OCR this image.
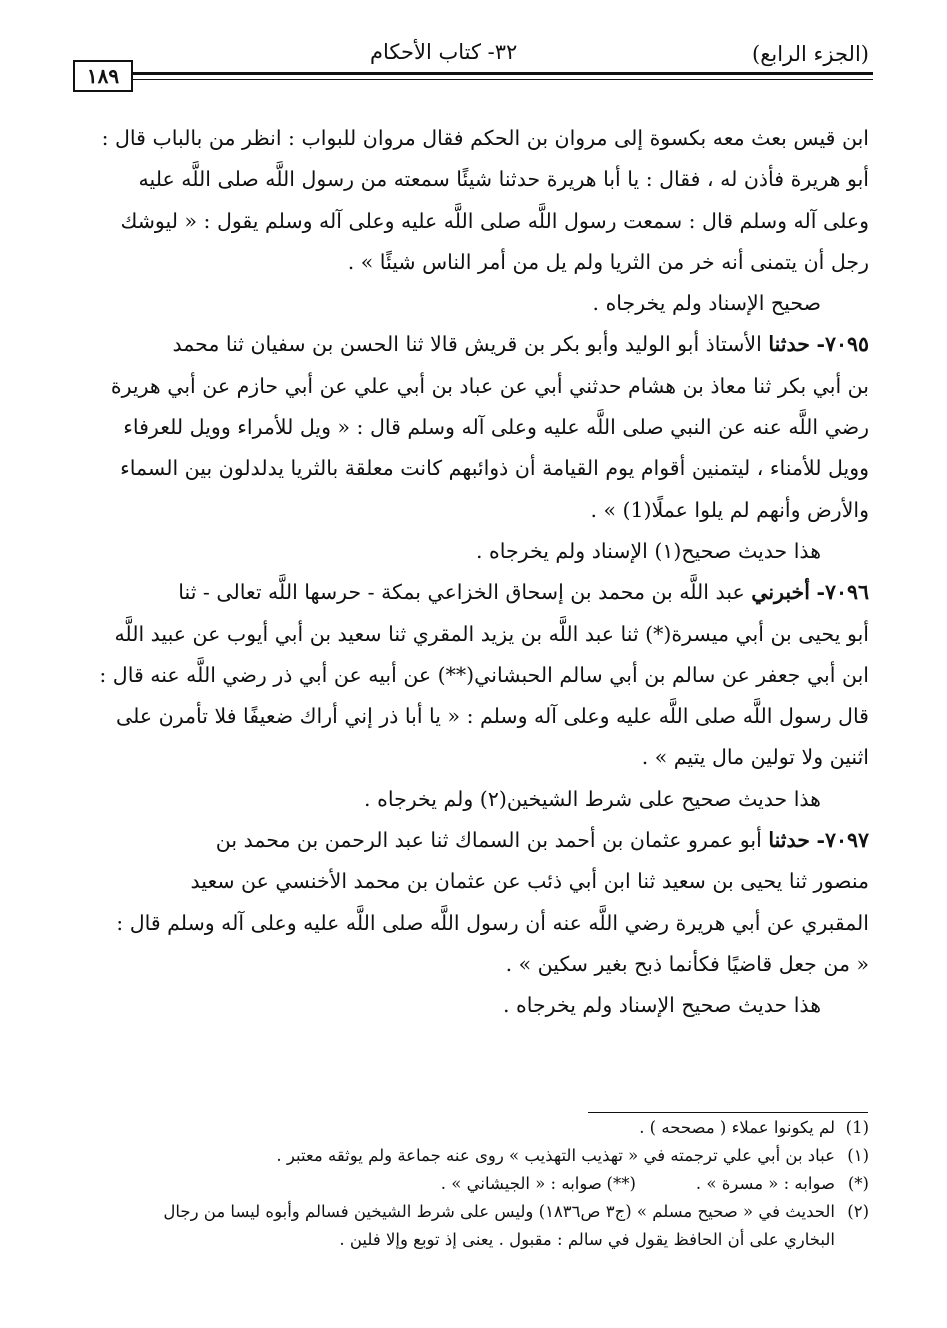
(الجزء الرابع)
٣٢- كتاب الأحكام
١٨٩

ابن قيس بعث معه بكسوة إلى مروان بن الحكم فقال مروان للبواب : انظر من بالباب قال :

أبو هريرة فأذن له ، فقال : يا أبا هريرة حدثنا شيئًا سمعته من رسول اللَّه صلى اللَّه عليه

وعلى آله وسلم قال : سمعت رسول اللَّه صلى اللَّه عليه وعلى آله وسلم يقول : « ليوشك

رجل أن يتمنى أنه خر من الثريا ولم يل من أمر الناس شيئًا » .

صحيح الإسناد ولم يخرجاه .

٧٠٩٥- حدثنا الأستاذ أبو الوليد وأبو بكر بن قريش قالا ثنا الحسن بن سفيان ثنا محمد

بن أبي بكر ثنا معاذ بن هشام حدثني أبي عن عباد بن أبي علي عن أبي حازم عن أبي هريرة

رضي اللَّه عنه عن النبي صلى اللَّه عليه وعلى آله وسلم قال : « ويل للأمراء وويل للعرفاء

وويل للأمناء ، ليتمنين أقوام يوم القيامة أن ذوائبهم كانت معلقة بالثريا يدلدلون بين السماء

والأرض وأنهم لم يلوا عملًا(1) » .

هذا حديث صحيح(١) الإسناد ولم يخرجاه .

٧٠٩٦- أخبرني عبد اللَّه بن محمد بن إسحاق الخزاعي بمكة - حرسها اللَّه تعالى - ثنا

أبو يحيى بن أبي ميسرة(*) ثنا عبد اللَّه بن يزيد المقري ثنا سعيد بن أبي أيوب عن عبيد اللَّه

ابن أبي جعفر عن سالم بن أبي سالم الحبشاني(**) عن أبيه عن أبي ذر رضي اللَّه عنه قال :

قال رسول اللَّه صلى اللَّه عليه وعلى آله وسلم : « يا أبا ذر إني أراك ضعيفًا فلا تأمرن على

اثنين ولا تولين مال يتيم » .

هذا حديث صحيح على شرط الشيخين(٢) ولم يخرجاه .

٧٠٩٧- حدثنا أبو عمرو عثمان بن أحمد بن السماك ثنا عبد الرحمن بن محمد بن

منصور ثنا يحيى بن سعيد ثنا ابن أبي ذئب عن عثمان بن محمد الأخنسي عن سعيد

المقبري عن أبي هريرة رضي اللَّه عنه أن رسول اللَّه صلى اللَّه عليه وعلى آله وسلم قال :

« من جعل قاضيًا فكأنما ذبح بغير سكين » .

هذا حديث صحيح الإسناد ولم يخرجاه .

(1)لم يكونوا عملاء ( مصححه ) .

(١)عباد بن أبي علي ترجمته في « تهذيب التهذيب » روى عنه جماعة ولم يوثقه معتبر .

(*)صوابه : « مسرة » .(**)صوابه : « الجيشاني » .

(٢)الحديث في « صحيح مسلم » (ج٣ ص١٨٣٦) وليس على شرط الشيخين فسالم وأبوه ليسا من رجال

البخاري على أن الحافظ يقول في سالم : مقبول . يعنى إذ توبع وإلا فلين .
